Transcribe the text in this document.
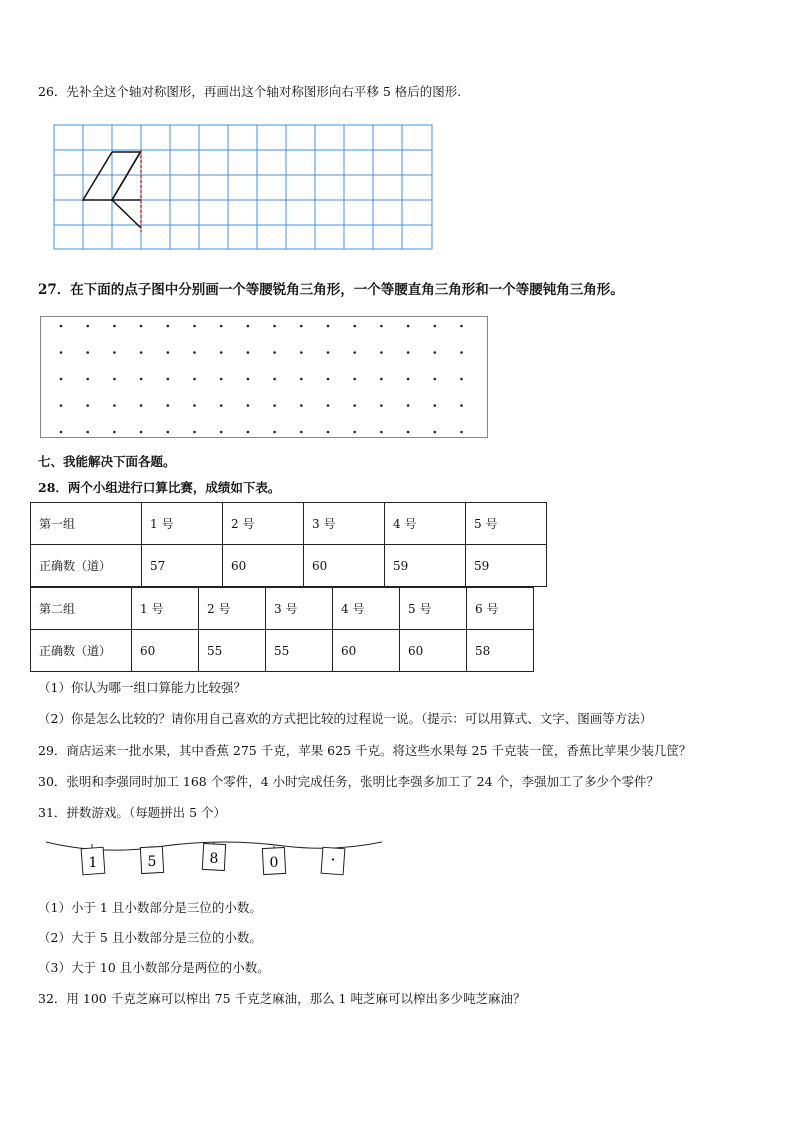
26．先补全这个轴对称图形，再画出这个轴对称图形向右平移 5 格后的图形.
27．在下面的点子图中分别画一个等腰锐角三角形，一个等腰直角三角形和一个等腰钝角三角形。
七、我能解决下面各题。
28．两个小组进行口算比赛，成绩如下表。
第一组	1 号	2 号	3 号	4 号	5 号
正确数（道）	57	60	60	59	59
第二组	1 号	2 号	3 号	4 号	5 号	6 号
正确数（道）	60	55	55	60	60	58
（1）你认为哪一组口算能力比较强？
（2）你是怎么比较的？请你用自己喜欢的方式把比较的过程说一说。（提示：可以用算式、文字、图画等方法）
29．商店运来一批水果，其中香蕉 275 千克，苹果 625 千克。将这些水果每 25 千克装一筐，香蕉比苹果少装几筐？
30．张明和李强同时加工 168 个零件，4 小时完成任务，张明比李强多加工了 24 个，李强加工了多少个零件？
31．拼数游戏。（每题拼出 5 个）
1	5	8	0	·
（1）小于 1 且小数部分是三位的小数。
（2）大于 5 且小数部分是三位的小数。
（3）大于 10 且小数部分是两位的小数。
32．用 100 千克芝麻可以榨出 75 千克芝麻油，那么 1 吨芝麻可以榨出多少吨芝麻油？
